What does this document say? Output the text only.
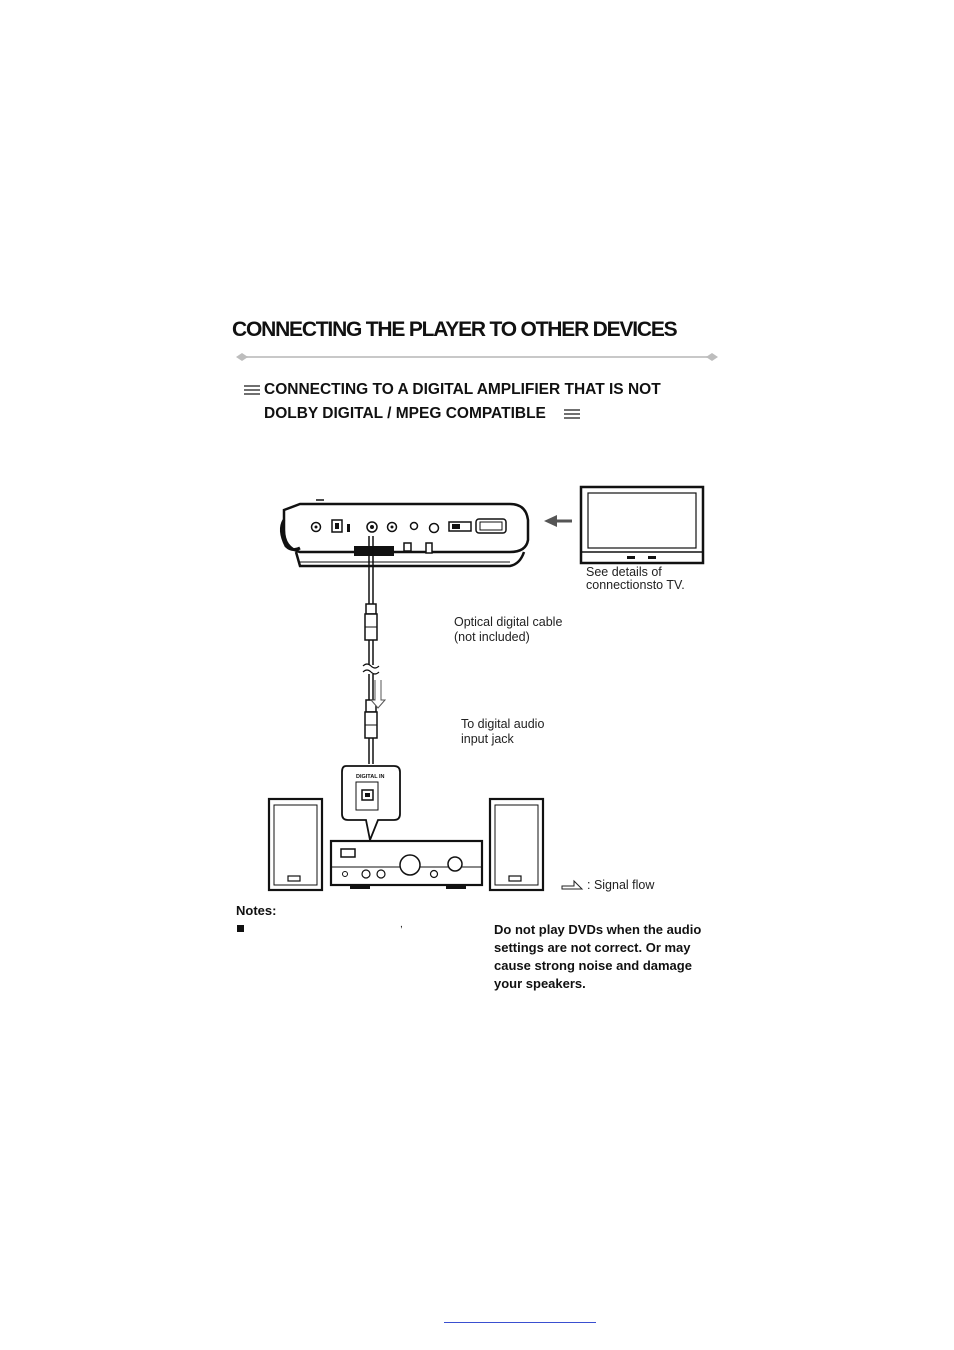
CONNECTING THE PLAYER TO OTHER DEVICES
CONNECTING TO A DIGITAL AMPLIFIER THAT IS NOT
DOLBY DIGITAL / MPEG COMPATIBLE
See details of
connectionsto TV.
Optical digital cable
(not included)
To digital audio
input jack
DIGITAL IN
: Signal flow
Notes:
,	Do not play DVDs when the audio
settings are not correct. Or may
cause strong noise and damage
your speakers.
